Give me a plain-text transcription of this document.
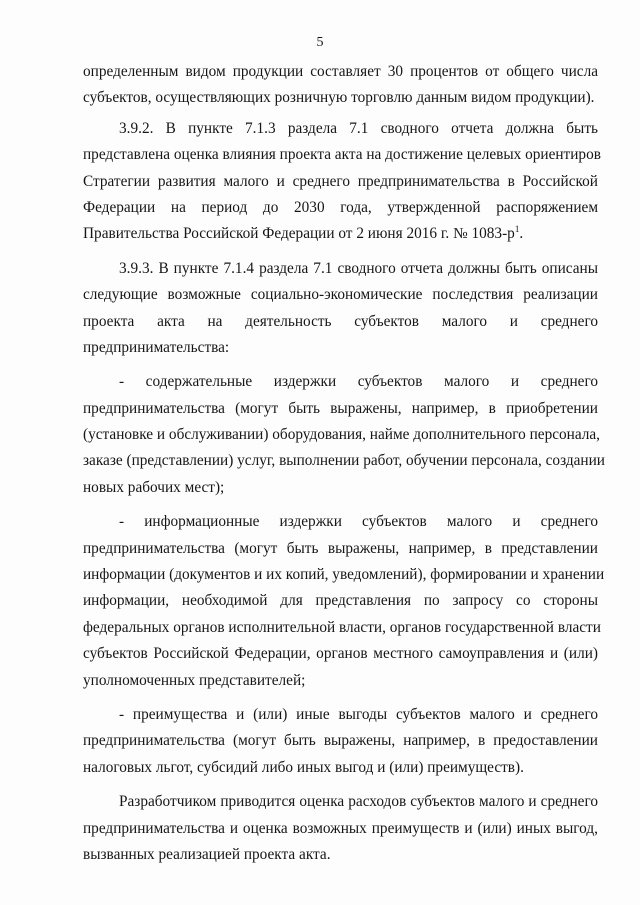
5
определенным видом продукции составляет 30 процентов от общего числа
субъектов, осуществляющих розничную торговлю данным видом продукции).
3.9.2. В пункте 7.1.3 раздела 7.1 сводного отчета должна быть
представлена оценка влияния проекта акта на достижение целевых ориентиров
Стратегии развития малого и среднего предпринимательства в Российской
Федерации на период до 2030 года, утвержденной распоряжением
Правительства Российской Федерации от 2 июня 2016 г. № $1083-р^1$.
3.9.3. В пункте 7.1.4 раздела 7.1 сводного отчета должны быть описаны
следующие возможные социально-экономические последствия реализации
проекта акта на деятельность субъектов малого и среднего
предпринимательства:
- содержательные издержки субъектов малого и среднего
предпринимательства (могут быть выражены, например, в приобретении
(установке и обслуживании) оборудования, найме дополнительного персонала,
заказе (представлении) услуг, выполнении работ, обучении персонала, создании
новых рабочих мест);
- информационные издержки субъектов малого и среднего
предпринимательства (могут быть выражены, например, в представлении
информации (документов и их копий, уведомлений), формировании и хранении
информации, необходимой для представления по запросу со стороны
федеральных органов исполнительной власти, органов государственной власти
субъектов Российской Федерации, органов местного самоуправления и (или)
уполномоченных представителей;
- преимущества и (или) иные выгоды субъектов малого и среднего
предпринимательства (могут быть выражены, например, в предоставлении
налоговых льгот, субсидий либо иных выгод и (или) преимуществ).
Разработчиком приводится оценка расходов субъектов малого и среднего
предпринимательства и оценка возможных преимуществ и (или) иных выгод,
вызванных реализацией проекта акта.
